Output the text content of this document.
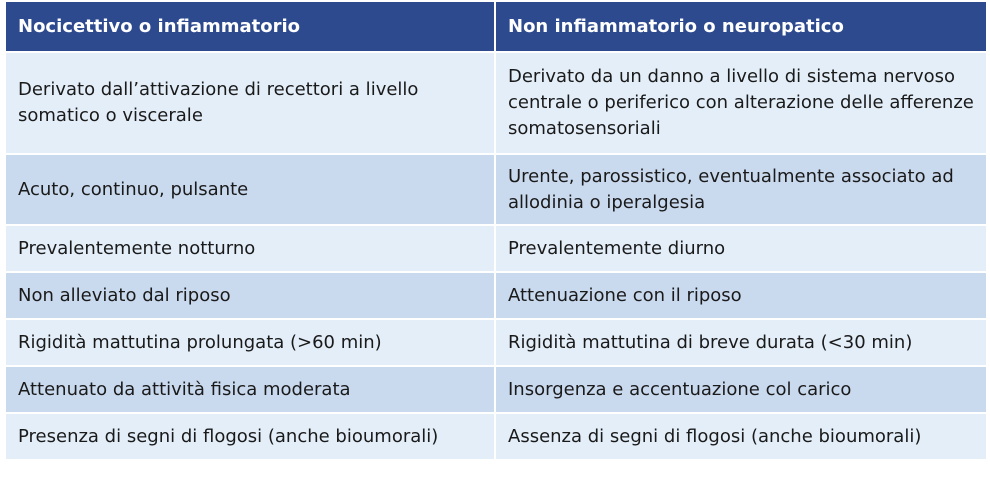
Nocicettivo o infiammatorio	Non infiammatorio o neuropatico
Derivato dall’attivazione di recettori a livello somatico o viscerale	Derivato da un danno a livello di sistema nervoso centrale o periferico con alterazione delle afferenze somatosensoriali
Acuto, continuo, pulsante	Urente, parossistico, eventualmente associato ad allodinia o iperalgesia
Prevalentemente notturno	Prevalentemente diurno
Non alleviato dal riposo	Attenuazione con il riposo
Rigidità mattutina prolungata (>60 min)	Rigidità mattutina di breve durata (<30 min)
Attenuato da attività fisica moderata	Insorgenza e accentuazione col carico
Presenza di segni di flogosi (anche bioumorali)	Assenza di segni di flogosi (anche bioumorali)
